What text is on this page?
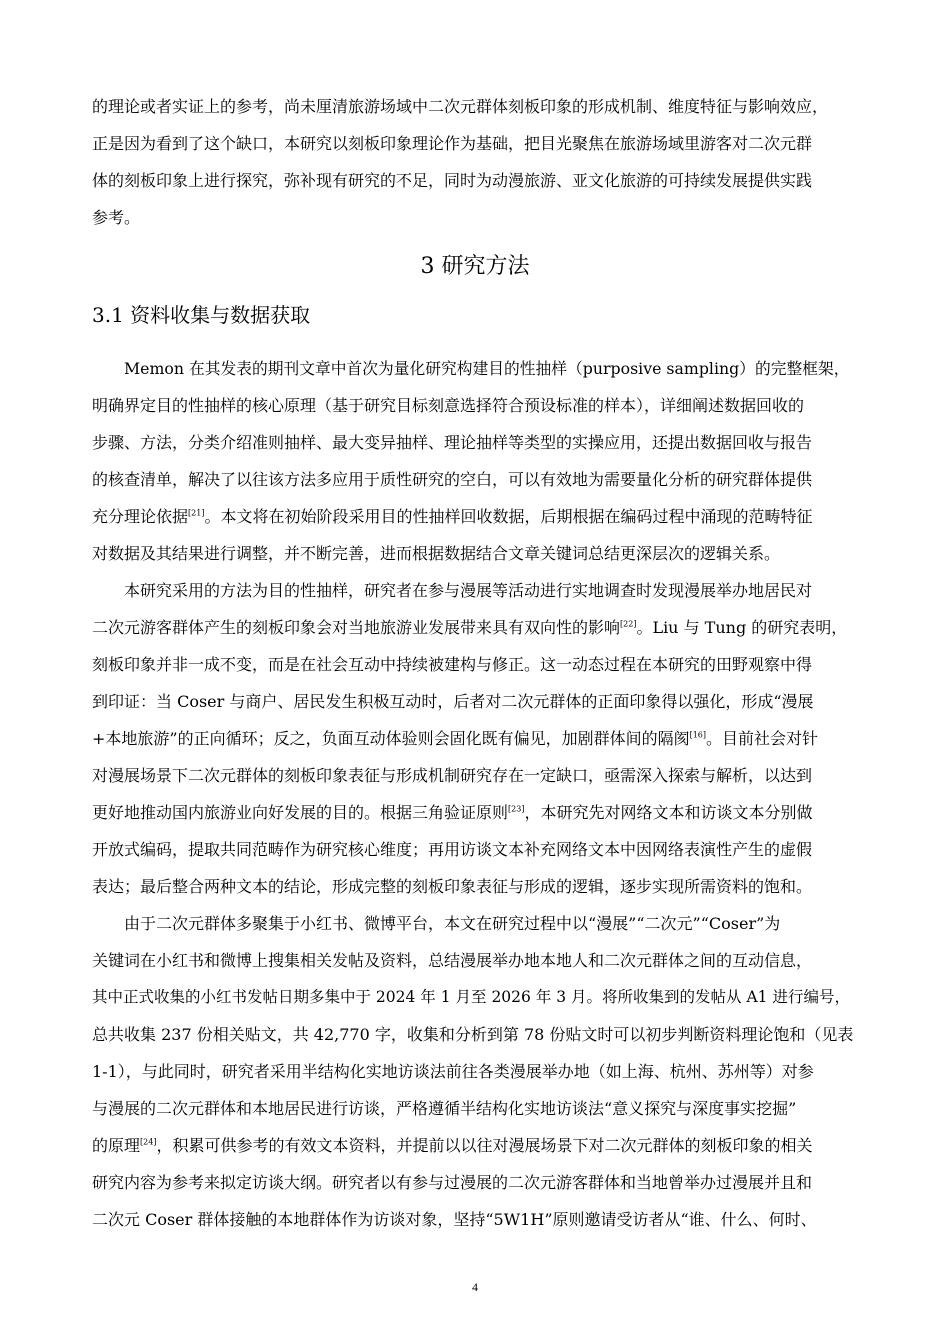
的理论或者实证上的参考，尚未厘清旅游场域中二次元群体刻板印象的形成机制、维度特征与影响效应，
正是因为看到了这个缺口，本研究以刻板印象理论作为基础，把目光聚焦在旅游场域里游客对二次元群
体的刻板印象上进行探究，弥补现有研究的不足，同时为动漫旅游、亚文化旅游的可持续发展提供实践
参考。
3 研究方法
3.1 资料收集与数据获取
Memon 在其发表的期刊文章中首次为量化研究构建目的性抽样（purposive sampling）的完整框架，
明确界定目的性抽样的核心原理（基于研究目标刻意选择符合预设标准的样本），详细阐述数据回收的
步骤、方法，分类介绍准则抽样、最大变异抽样、理论抽样等类型的实操应用，还提出数据回收与报告
的核查清单，解决了以往该方法多应用于质性研究的空白，可以有效地为需要量化分析的研究群体提供
充分理论依据[21]。本文将在初始阶段采用目的性抽样回收数据，后期根据在编码过程中涌现的范畴特征
对数据及其结果进行调整，并不断完善，进而根据数据结合文章关键词总结更深层次的逻辑关系。
本研究采用的方法为目的性抽样，研究者在参与漫展等活动进行实地调查时发现漫展举办地居民对
二次元游客群体产生的刻板印象会对当地旅游业发展带来具有双向性的影响[22]。Liu 与 Tung 的研究表明，
刻板印象并非一成不变，而是在社会互动中持续被建构与修正。这一动态过程在本研究的田野观察中得
到印证：当 Coser 与商户、居民发生积极互动时，后者对二次元群体的正面印象得以强化，形成“漫展
+本地旅游”的正向循环；反之，负面互动体验则会固化既有偏见，加剧群体间的隔阂[16]。目前社会对针
对漫展场景下二次元群体的刻板印象表征与形成机制研究存在一定缺口，亟需深入探索与解析，以达到
更好地推动国内旅游业向好发展的目的。根据三角验证原则[23]，本研究先对网络文本和访谈文本分别做
开放式编码，提取共同范畴作为研究核心维度；再用访谈文本补充网络文本中因网络表演性产生的虚假
表达；最后整合两种文本的结论，形成完整的刻板印象表征与形成的逻辑，逐步实现所需资料的饱和。
由于二次元群体多聚集于小红书、微博平台，本文在研究过程中以“漫展”“二次元”“Coser”为
关键词在小红书和微博上搜集相关发帖及资料，总结漫展举办地本地人和二次元群体之间的互动信息，
其中正式收集的小红书发帖日期多集中于 2024 年 1 月至 2026 年 3 月。将所收集到的发帖从 A1 进行编号，
总共收集 237 份相关贴文，共 42,770 字，收集和分析到第 78 份贴文时可以初步判断资料理论饱和（见表
1-1），与此同时，研究者采用半结构化实地访谈法前往各类漫展举办地（如上海、杭州、苏州等）对参
与漫展的二次元群体和本地居民进行访谈，严格遵循半结构化实地访谈法“意义探究与深度事实挖掘”
的原理[24]，积累可供参考的有效文本资料，并提前以以往对漫展场景下对二次元群体的刻板印象的相关
研究内容为参考来拟定访谈大纲。研究者以有参与过漫展的二次元游客群体和当地曾举办过漫展并且和
二次元 Coser 群体接触的本地群体作为访谈对象，坚持“5W1H”原则邀请受访者从“谁、什么、何时、
4
